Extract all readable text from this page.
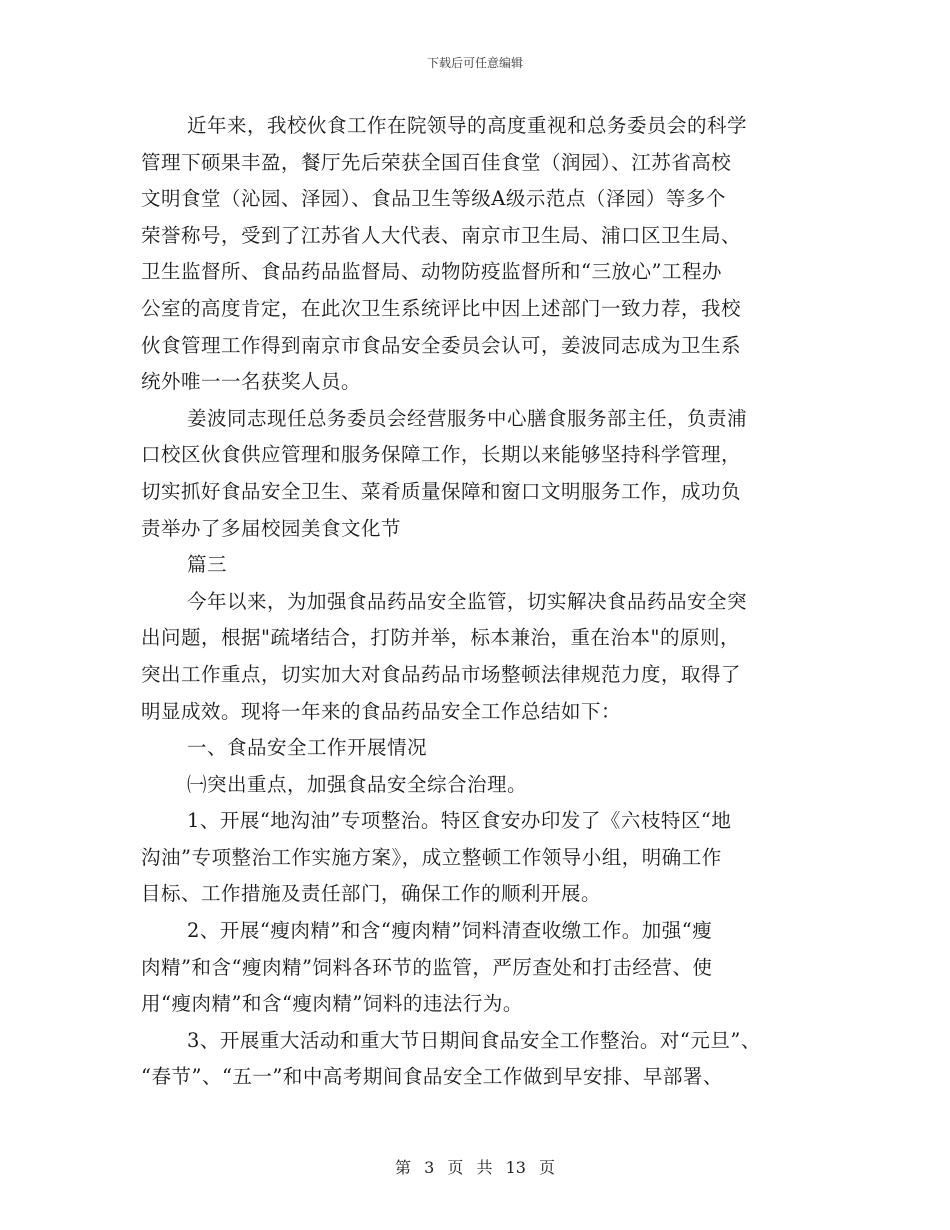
下载后可任意编辑
近年来，我校伙食工作在院领导的高度重视和总务委员会的科学
管理下硕果丰盈，餐厅先后荣获全国百佳食堂（润园）、江苏省高校
文明食堂（沁园、泽园）、食品卫生等级A级示范点（泽园）等多个
荣誉称号，受到了江苏省人大代表、南京市卫生局、浦口区卫生局、
卫生监督所、食品药品监督局、动物防疫监督所和“三放心”工程办
公室的高度肯定，在此次卫生系统评比中因上述部门一致力荐，我校
伙食管理工作得到南京市食品安全委员会认可，姜波同志成为卫生系
统外唯一一名获奖人员。
姜波同志现任总务委员会经营服务中心膳食服务部主任，负责浦
口校区伙食供应管理和服务保障工作，长期以来能够坚持科学管理，
切实抓好食品安全卫生、菜肴质量保障和窗口文明服务工作，成功负
责举办了多届校园美食文化节
篇三
今年以来，为加强食品药品安全监管，切实解决食品药品安全突
出问题，根据"疏堵结合，打防并举，标本兼治，重在治本"的原则，
突出工作重点，切实加大对食品药品市场整顿法律规范力度，取得了
明显成效。现将一年来的食品药品安全工作总结如下：
一、食品安全工作开展情况
㈠突出重点，加强食品安全综合治理。
1、开展“地沟油”专项整治。特区食安办印发了《六枝特区“地
沟油”专项整治工作实施方案》，成立整顿工作领导小组，明确工作
目标、工作措施及责任部门，确保工作的顺利开展。
2、开展“瘦肉精”和含“瘦肉精”饲料清查收缴工作。加强“瘦
肉精”和含“瘦肉精”饲料各环节的监管，严厉查处和打击经营、使
用“瘦肉精”和含“瘦肉精”饲料的违法行为。
3、开展重大活动和重大节日期间食品安全工作整治。对“元旦”、
“春节”、“五一”和中高考期间食品安全工作做到早安排、早部署、
第 3 页 共 13 页
